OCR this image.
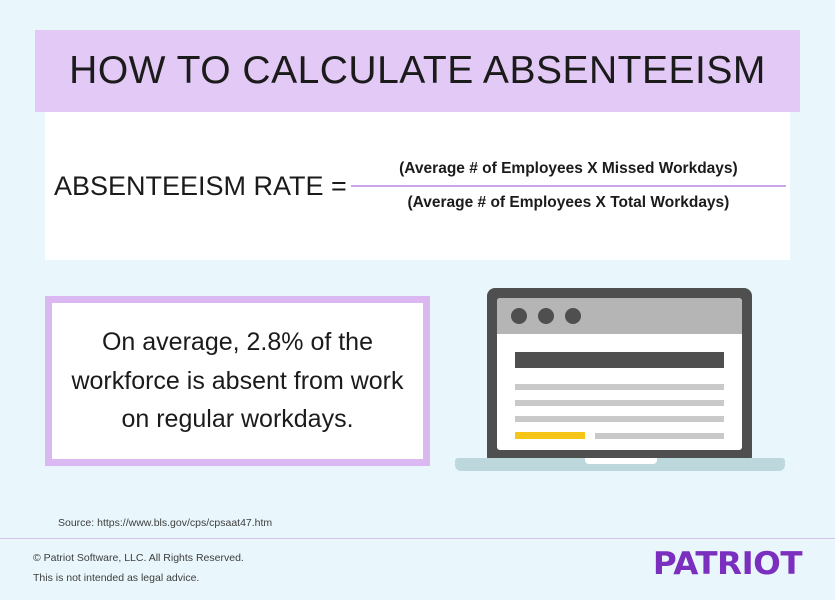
HOW TO CALCULATE ABSENTEEISM
ABSENTEEISM RATE = $\frac{\text{(Average \# of Employees X Missed Workdays)}}{\text{(Average \# of Employees X Total Workdays)}}$
On average, 2.8% of the workforce is absent from work on regular workdays.
Source: https://www.bls.gov/cps/cpsaat47.htm
© Patriot Software, LLC. All Rights Reserved.
This is not intended as legal advice.	PATRIOT
